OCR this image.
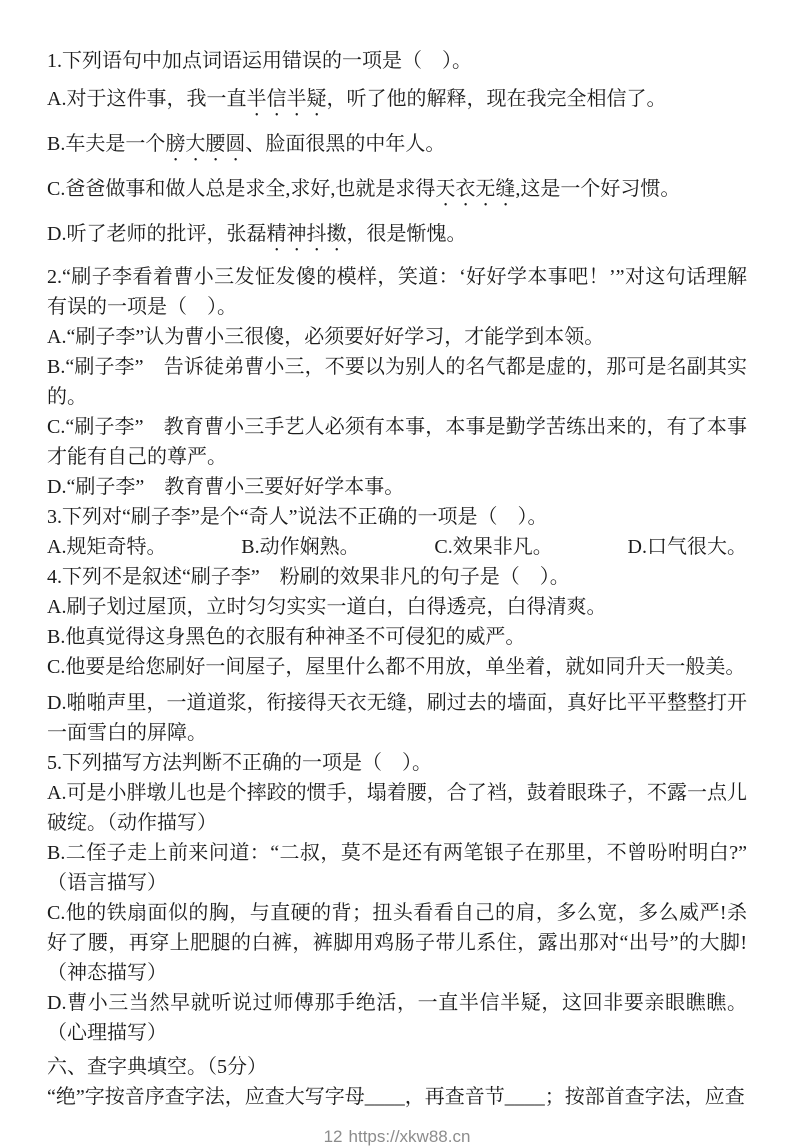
1.下列语句中加点词语运用错误的一项是（　）。

A.对于这件事，我一直半信半疑，听了他的解释，现在我完全相信了。

B.车夫是一个膀大腰圆、脸面很黑的中年人。

C.爸爸做事和做人总是求全,求好,也就是求得天衣无缝,这是一个好习惯。

D.听了老师的批评，张磊精神抖擞，很是惭愧。

2.“刷子李看着曹小三发怔发傻的模样，笑道：‘好好学本事吧！’”对这句话理解有误的一项是（　）。

A.“刷子李”认为曹小三很傻，必须要好好学习，才能学到本领。

B.“刷子李”　告诉徒弟曹小三，不要以为别人的名气都是虚的，那可是名副其实的。

C.“刷子李”　教育曹小三手艺人必须有本事，本事是勤学苦练出来的，有了本事才能有自己的尊严。

D.“刷子李”　教育曹小三要好好学本事。

3.下列对“刷子李”是个“奇人”说法不正确的一项是（　）。

A.规矩奇特。	B.动作娴熟。	C.效果非凡。	D.口气很大。

4.下列不是叙述“刷子李”　粉刷的效果非凡的句子是（　）。

A.刷子划过屋顶，立时匀匀实实一道白，白得透亮，白得清爽。

B.他真觉得这身黑色的衣服有种神圣不可侵犯的威严。

C.他要是给您刷好一间屋子，屋里什么都不用放，单坐着，就如同升天一般美。

D.啪啪声里，一道道浆，衔接得天衣无缝，刷过去的墙面，真好比平平整整打开一面雪白的屏障。

5.下列描写方法判断不正确的一项是（　）。

A.可是小胖墩儿也是个摔跤的惯手，塌着腰，合了裆，鼓着眼珠子，不露一点儿破绽。（动作描写）

B.二侄子走上前来问道：“二叔，莫不是还有两笔银子在那里，不曾吩咐明白?”（语言描写）

C.他的铁扇面似的胸，与直硬的背；扭头看看自己的肩，多么宽，多么威严!杀好了腰，再穿上肥腿的白裤，裤脚用鸡肠子带儿系住，露出那对“出号”的大脚!（神态描写）

D.曹小三当然早就听说过师傅那手绝活，一直半信半疑，这回非要亲眼瞧瞧。（心理描写）

六、查字典填空。（5分）

“绝”字按音序查字法，应查大写字母____，再查音节____；按部首查字法，应查

12 https://xkw88.cn
